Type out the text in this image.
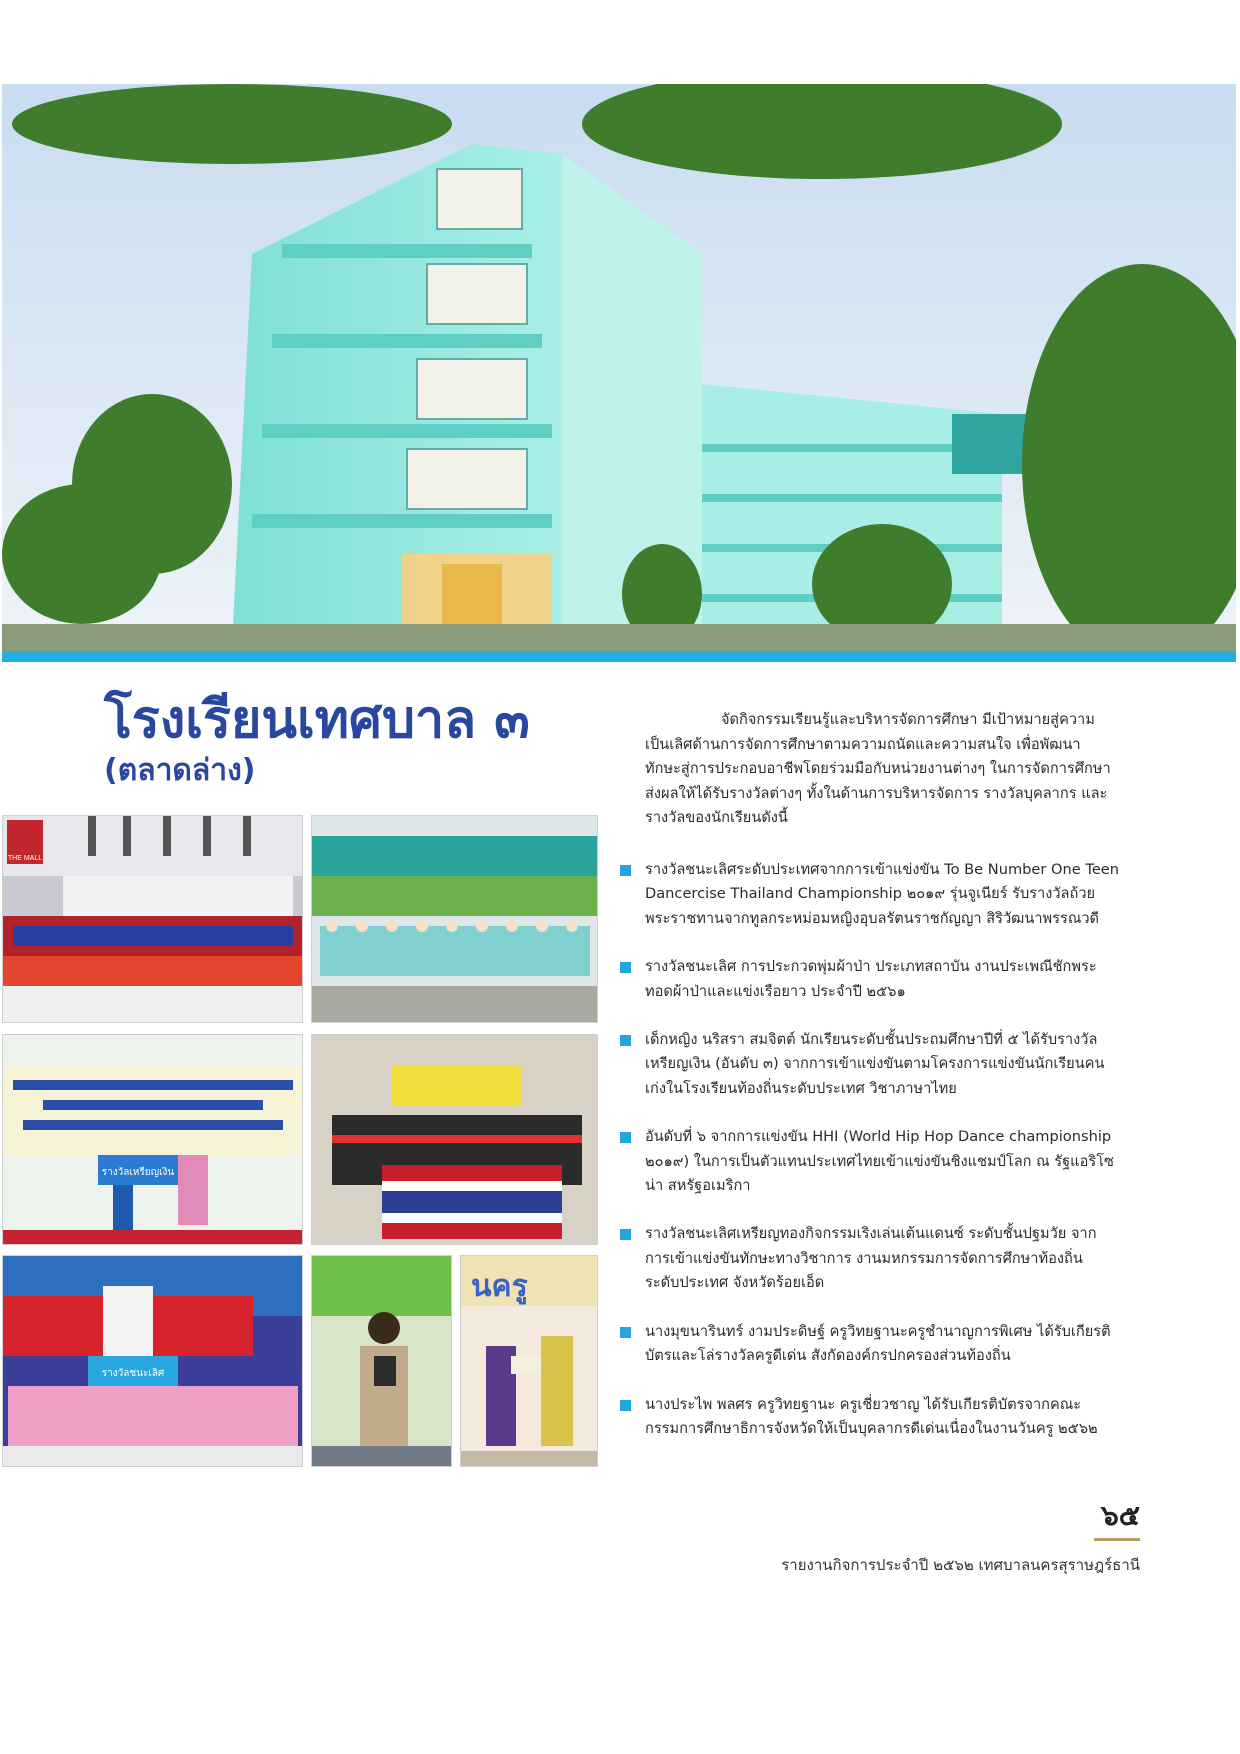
โรงเรียนเทศบาล ๓
(ตลาดล่าง)
THE MALL
รางวัลเหรียญเงิน
รางวัลชนะเลิศ
นครู

จัดกิจกรรมเรียนรู้และบริหารจัดการศึกษา มีเป้าหมายสู่ความเป็นเลิศด้านการจัดการศึกษาตามความถนัดและความสนใจ เพื่อพัฒนาทักษะสู่การประกอบอาชีพโดยร่วมมือกับหน่วยงานต่างๆ ในการจัดการศึกษา ส่งผลให้ได้รับรางวัลต่างๆ ทั้งในด้านการบริหารจัดการ รางวัลบุคลากร และรางวัลของนักเรียนดังนี้

รางวัลชนะเลิศระดับประเทศจากการเข้าแข่งขัน To Be Number One Teen Dancercise Thailand Championship ๒๐๑๙ รุ่นจูเนียร์ รับรางวัลถ้วยพระราชทานจากทูลกระหม่อมหญิงอุบลรัตนราชกัญญา สิริวัฒนาพรรณวดี
รางวัลชนะเลิศ การประกวดพุ่มผ้าป่า ประเภทสถาบัน งานประเพณีชักพระทอดผ้าป่าและแข่งเรือยาว ประจำปี ๒๕๖๑
เด็กหญิง นริสรา สมจิตต์ นักเรียนระดับชั้นประถมศึกษาปีที่ ๕ ได้รับรางวัลเหรียญเงิน (อันดับ ๓) จากการเข้าแข่งขันตามโครงการแข่งขันนักเรียนคนเก่งในโรงเรียนท้องถิ่นระดับประเทศ วิชาภาษาไทย
อันดับที่ ๖ จากการแข่งขัน HHI (World Hip Hop Dance championship ๒๐๑๙) ในการเป็นตัวแทนประเทศไทยเข้าแข่งขันชิงแชมป์โลก ณ รัฐแอริโซน่า สหรัฐอเมริกา
รางวัลชนะเลิศเหรียญทองกิจกรรมเริงเล่นเต้นแดนซ์ ระดับชั้นปฐมวัย จากการเข้าแข่งขันทักษะทางวิชาการ งานมหกรรมการจัดการศึกษาท้องถิ่น ระดับประเทศ จังหวัดร้อยเอ็ด
นางมุขนารินทร์ งามประดิษฐ์ ครูวิทยฐานะครูชำนาญการพิเศษ ได้รับเกียรติบัตรและโล่รางวัลครูดีเด่น สังกัดองค์กรปกครองส่วนท้องถิ่น
นางประไพ พลศร ครูวิทยฐานะ ครูเชี่ยวชาญ ได้รับเกียรติบัตรจากคณะกรรมการศึกษาธิการจังหวัดให้เป็นบุคลากรดีเด่นเนื่องในงานวันครู ๒๕๖๒

๖๕

รายงานกิจการประจำปี ๒๕๖๒ เทศบาลนครสุราษฎร์ธานี
